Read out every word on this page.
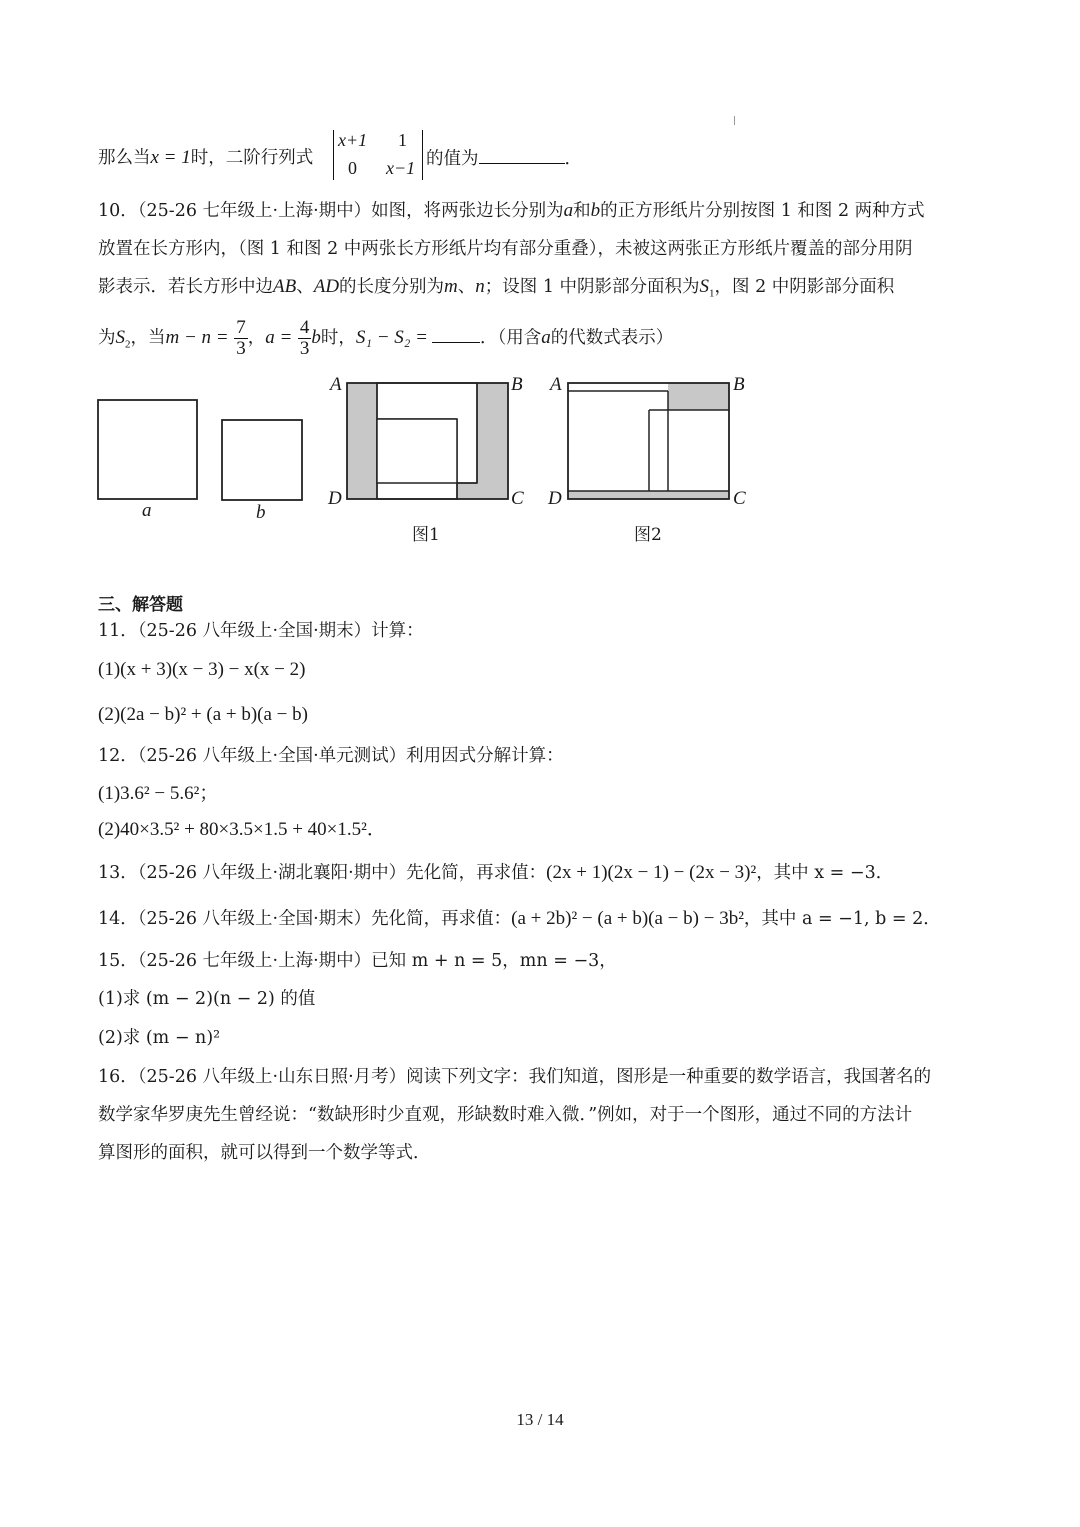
那么当x = 1时，二阶行列式
x+1 1
0 x−1 的值为	．
10．（25-26 七年级上·上海·期中）如图，将两张边长分别为a和b的正方形纸片分别按图 1 和图 2 两种方式
放置在长方形内，（图 1 和图 2 中两张长方形纸片均有部分重叠），未被这两张正方形纸片覆盖的部分用阴
影表示．若长方形中边AB、AD的长度分别为m、n；设图 1 中阴影部分面积为$S_1$，图 2 中阴影部分面积
为$S_2$，当$m - n = \frac{7}{3}$ ，$a = \frac{4}{3}$ b时，S₁ − S₂ =	．（用含a的代数式表示）
a	b
A	B
C
D
A	B
C
D
图1	图2
三、解答题
11．（25-26 八年级上·全国·期末）计算：
(1)(x + 3)(x − 3) − x(x − 2)
(2)(2a − b)² + (a + b)(a − b)
12．（25-26 八年级上·全国·单元测试）利用因式分解计算：
(1)3.6² − 5.6²；
(2)40×3.5² + 80×3.5×1.5 + 40×1.5²．
13．（25-26 八年级上·湖北襄阳·期中）先化简，再求值：(2x + 1)(2x − 1) − (2x − 3)²，其中 x = −3．
14．（25-26 八年级上·全国·期末）先化简，再求值：(a + 2b)² − (a + b)(a − b) − 3b²，其中 a = −1, b = 2．
15．（25-26 七年级上·上海·期中）已知 m + n = 5，mn = −3，
(1)求 (m − 2)(n − 2) 的值
(2)求 (m − n)²
16．（25-26 八年级上·山东日照·月考）阅读下列文字：我们知道，图形是一种重要的数学语言，我国著名的
数学家华罗庚先生曾经说：“数缺形时少直观，形缺数时难入微．”例如，对于一个图形，通过不同的方法计
算图形的面积，就可以得到一个数学等式．
13 / 14
